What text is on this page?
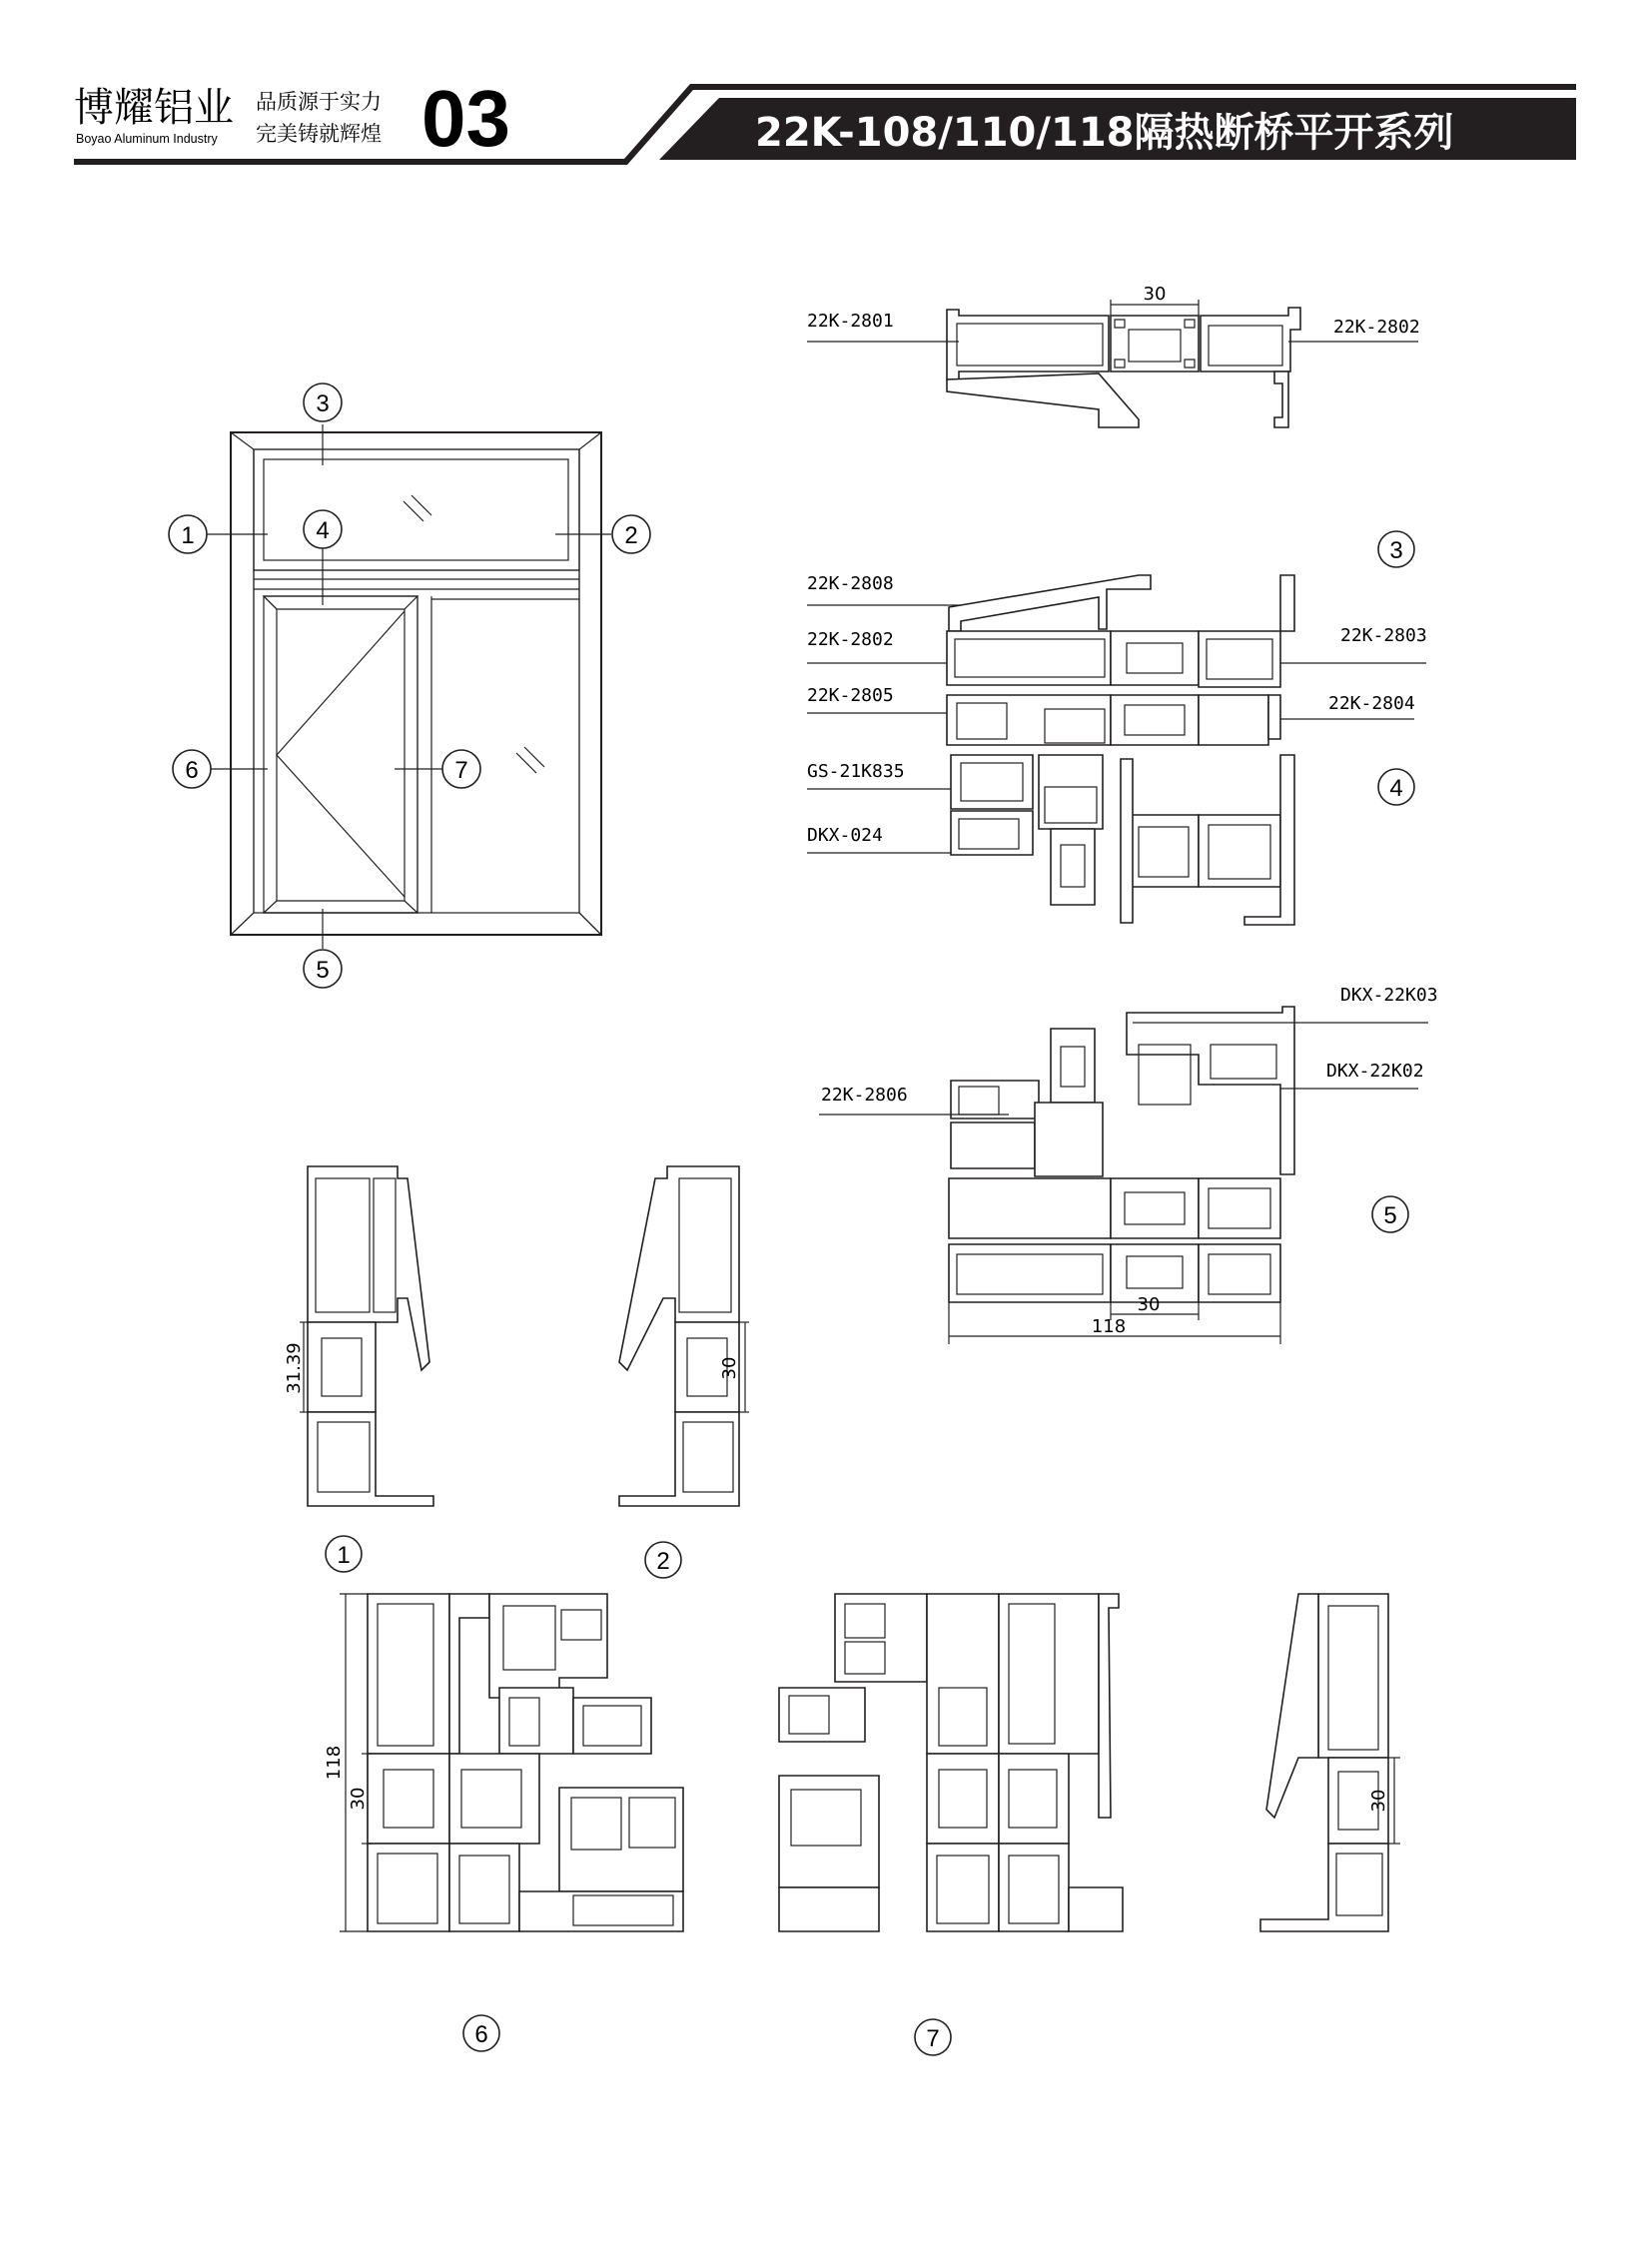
博耀铝业
Boyao Aluminum Industry
品质源于实力
完美铸就辉煌 03	22K-108/110/118隔热断桥平开系列
3
1	4	2
6	7
5
30
22K-2801	22K-2802
22K-2808
22K-2802
22K-2805
GS-21K835
DKX-024
22K-2803
22K-2804
3
4
5
30
118
DKX-22K03
DKX-22K02
22K-2806
31.39	30
1	2
118
30	30
6	7
